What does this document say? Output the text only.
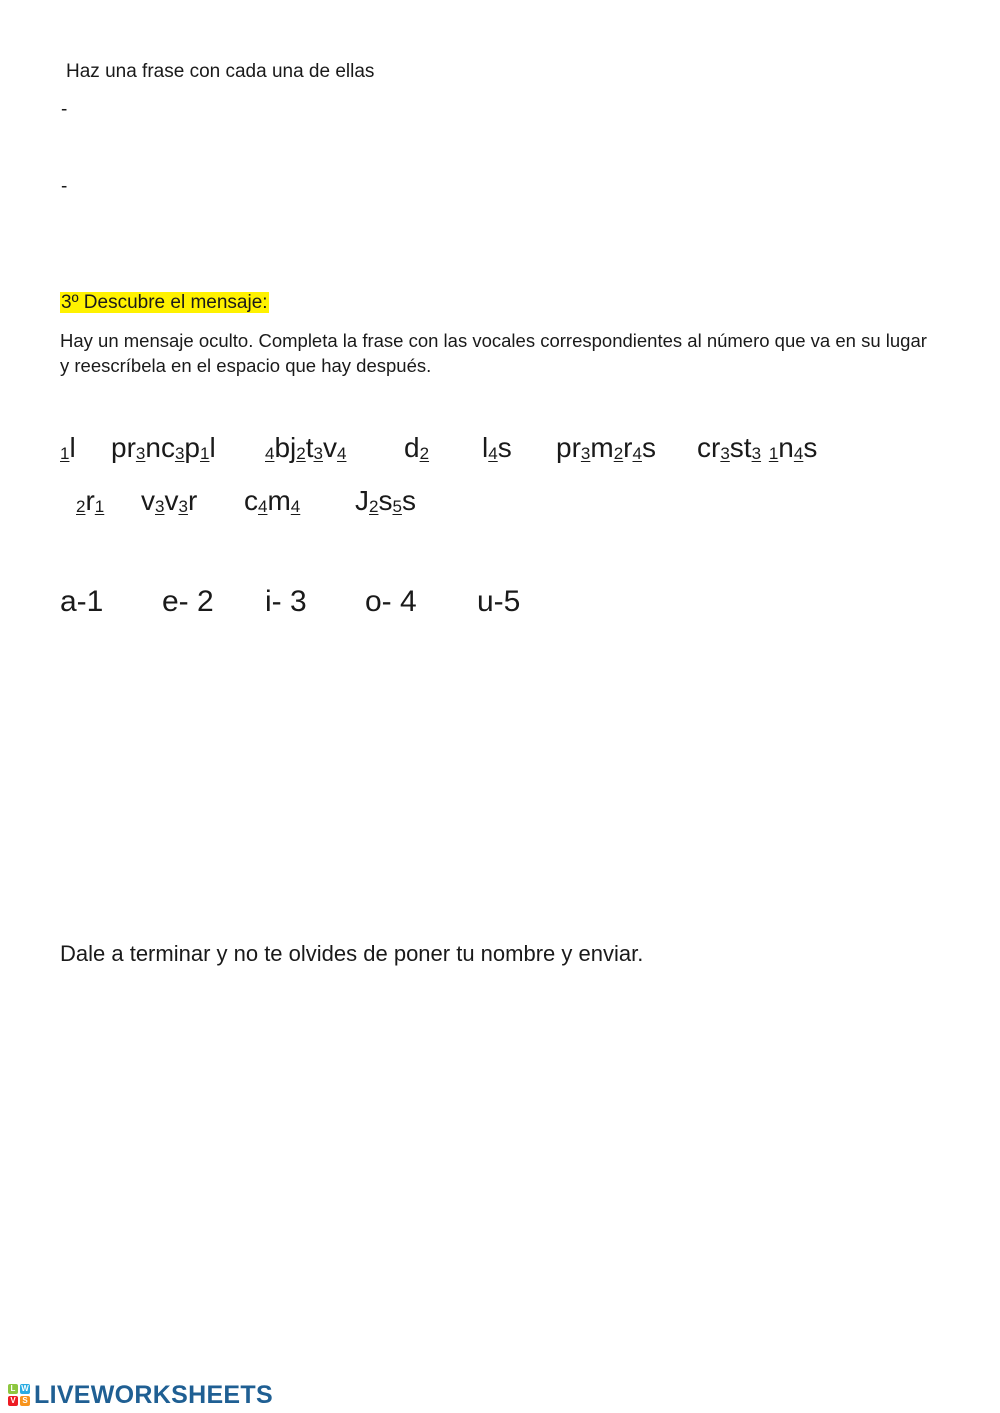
Haz una frase con cada una de ellas
-
-
3º Descubre el mensaje:
Hay un mensaje oculto. Completa la frase con las vocales correspondientes al número que va en su lugar y reescríbela en el espacio que hay después.
1l pr3nc3p1l	4bj2t3v4 d2 l4s pr3m2r4s cr3st3 1n4s
2r1 v3v3r c4m4 J2s5s
a-1 e- 2 i- 3 o- 4 u-5
Dale a terminar y no te olvides de poner tu nombre y enviar.
L W
V S LIVEWORKSHEETS
